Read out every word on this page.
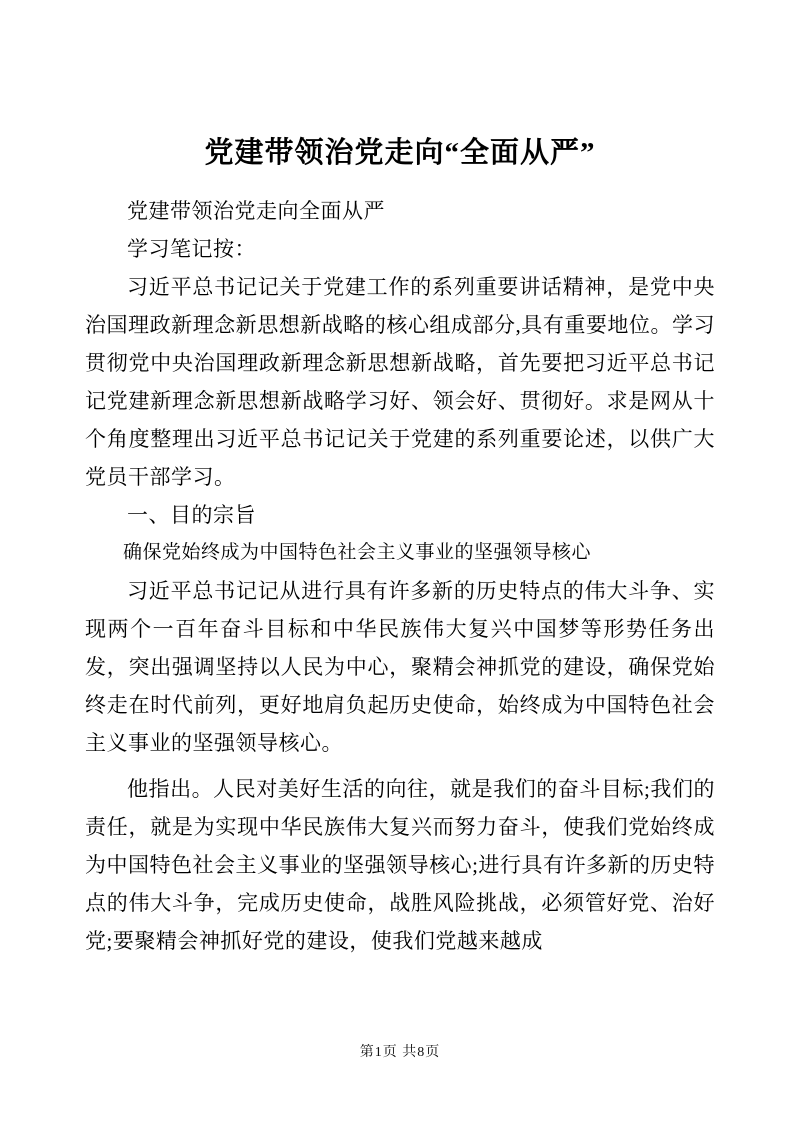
党建带领治党走向“全面从严”

党建带领治党走向全面从严

学习笔记按：

习近平总书记记关于党建工作的系列重要讲话精神，是党中央治国理政新理念新思想新战略的核心组成部分,具有重要地位。学习贯彻党中央治国理政新理念新思想新战略，首先要把习近平总书记记党建新理念新思想新战略学习好、领会好、贯彻好。求是网从十个角度整理出习近平总书记记关于党建的系列重要论述，以供广大党员干部学习。

一、目的宗旨

确保党始终成为中国特色社会主义事业的坚强领导核心

习近平总书记记从进行具有许多新的历史特点的伟大斗争、实现两个一百年奋斗目标和中华民族伟大复兴中国梦等形势任务出发，突出强调坚持以人民为中心，聚精会神抓党的建设，确保党始终走在时代前列，更好地肩负起历史使命，始终成为中国特色社会主义事业的坚强领导核心。

他指出。人民对美好生活的向往，就是我们的奋斗目标;我们的责任，就是为实现中华民族伟大复兴而努力奋斗，使我们党始终成为中国特色社会主义事业的坚强领导核心;进行具有许多新的历史特点的伟大斗争，完成历史使命，战胜风险挑战，必须管好党、治好党;要聚精会神抓好党的建设，使我们党越来越成

第1页 共8页
